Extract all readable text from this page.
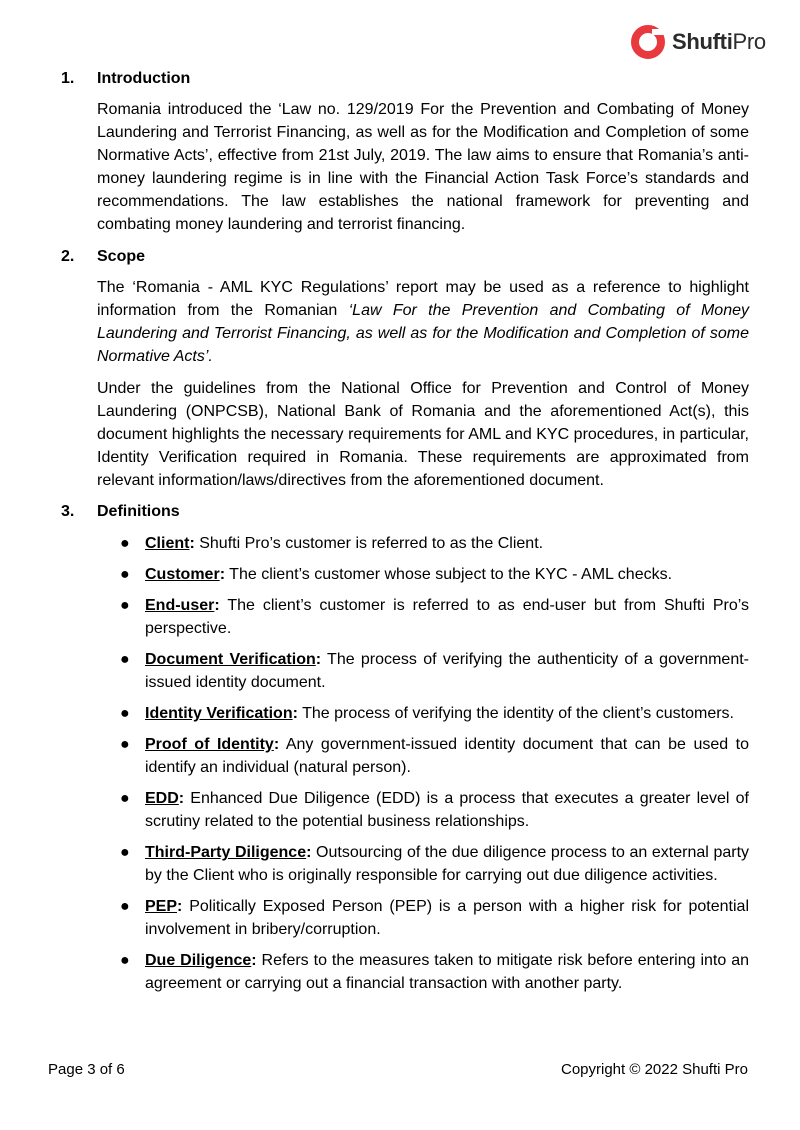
ShuftiPro
1. Introduction
Romania introduced the ‘Law no. 129/2019 For the Prevention and Combating of Money Laundering and Terrorist Financing, as well as for the Modification and Completion of some Normative Acts’, effective from 21st July, 2019. The law aims to ensure that Romania’s anti-money laundering regime is in line with the Financial Action Task Force’s standards and recommendations. The law establishes the national framework for preventing and combating money laundering and terrorist financing.
2. Scope
The ‘Romania - AML KYC Regulations’ report may be used as a reference to highlight information from the Romanian ‘Law For the Prevention and Combating of Money Laundering and Terrorist Financing, as well as for the Modification and Completion of some Normative Acts’.
Under the guidelines from the National Office for Prevention and Control of Money Laundering (ONPCSB), National Bank of Romania and the aforementioned Act(s), this document highlights the necessary requirements for AML and KYC procedures, in particular, Identity Verification required in Romania. These requirements are approximated from relevant information/laws/directives from the aforementioned document.
3. Definitions
● Client: Shufti Pro’s customer is referred to as the Client.
● Customer: The client’s customer whose subject to the KYC - AML checks.
● End-user: The client’s customer is referred to as end-user but from Shufti Pro’s perspective.
● Document Verification: The process of verifying the authenticity of a government-issued identity document.
● Identity Verification: The process of verifying the identity of the client’s customers.
● Proof of Identity: Any government-issued identity document that can be used to identify an individual (natural person).
● EDD: Enhanced Due Diligence (EDD) is a process that executes a greater level of scrutiny related to the potential business relationships.
● Third-Party Diligence: Outsourcing of the due diligence process to an external party by the Client who is originally responsible for carrying out due diligence activities.
● PEP: Politically Exposed Person (PEP) is a person with a higher risk for potential involvement in bribery/corruption.
● Due Diligence: Refers to the measures taken to mitigate risk before entering into an agreement or carrying out a financial transaction with another party.
Page 3 of 6	Copyright © 2022 Shufti Pro
